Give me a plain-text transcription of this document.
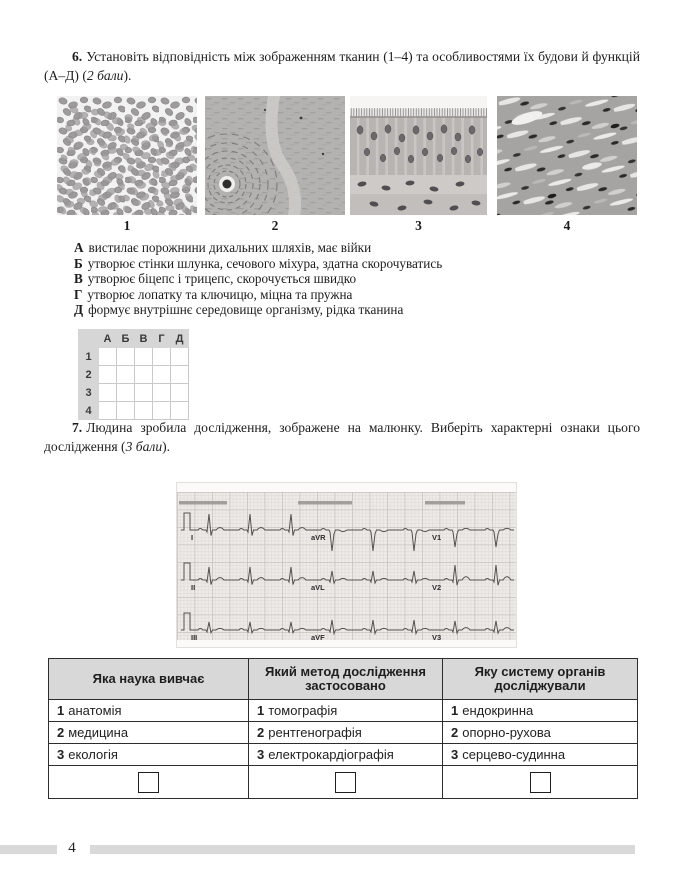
6. Установіть відповідність між зображенням тканин (1–4) та особливостями їх будови й функцій (А–Д) (2 бали).

1	2	3	4
А вистилає порожнини дихальних шляхів, має війки
Б утворює стінки шлунка, сечового міхура, здатна скорочуватись
В утворює біцепс і трицепс, скорочується швидко
Г утворює лопатку та ключицю, міцна та пружна
Д формує внутрішнє середовище організму, рідка тканина
	А	Б	В	Г	Д
1					
2					
3					
4					

7. Людина зробила дослідження, зображене на малюнку. Виберіть характерні ознаки цього дослідження (3 бали).

I	aVR	V1
II	aVL	V2
III	aVF	V3
Яка наука вивчає	Який метод дослідження застосовано	Яку систему органів досліджували
1 анатомія	1 томографія	1 ендокринна
2 медицина	2 рентгенографія	2 опорно-рухова
3 екологія	3 електрокардіографія	3 серцево-судинна

4
